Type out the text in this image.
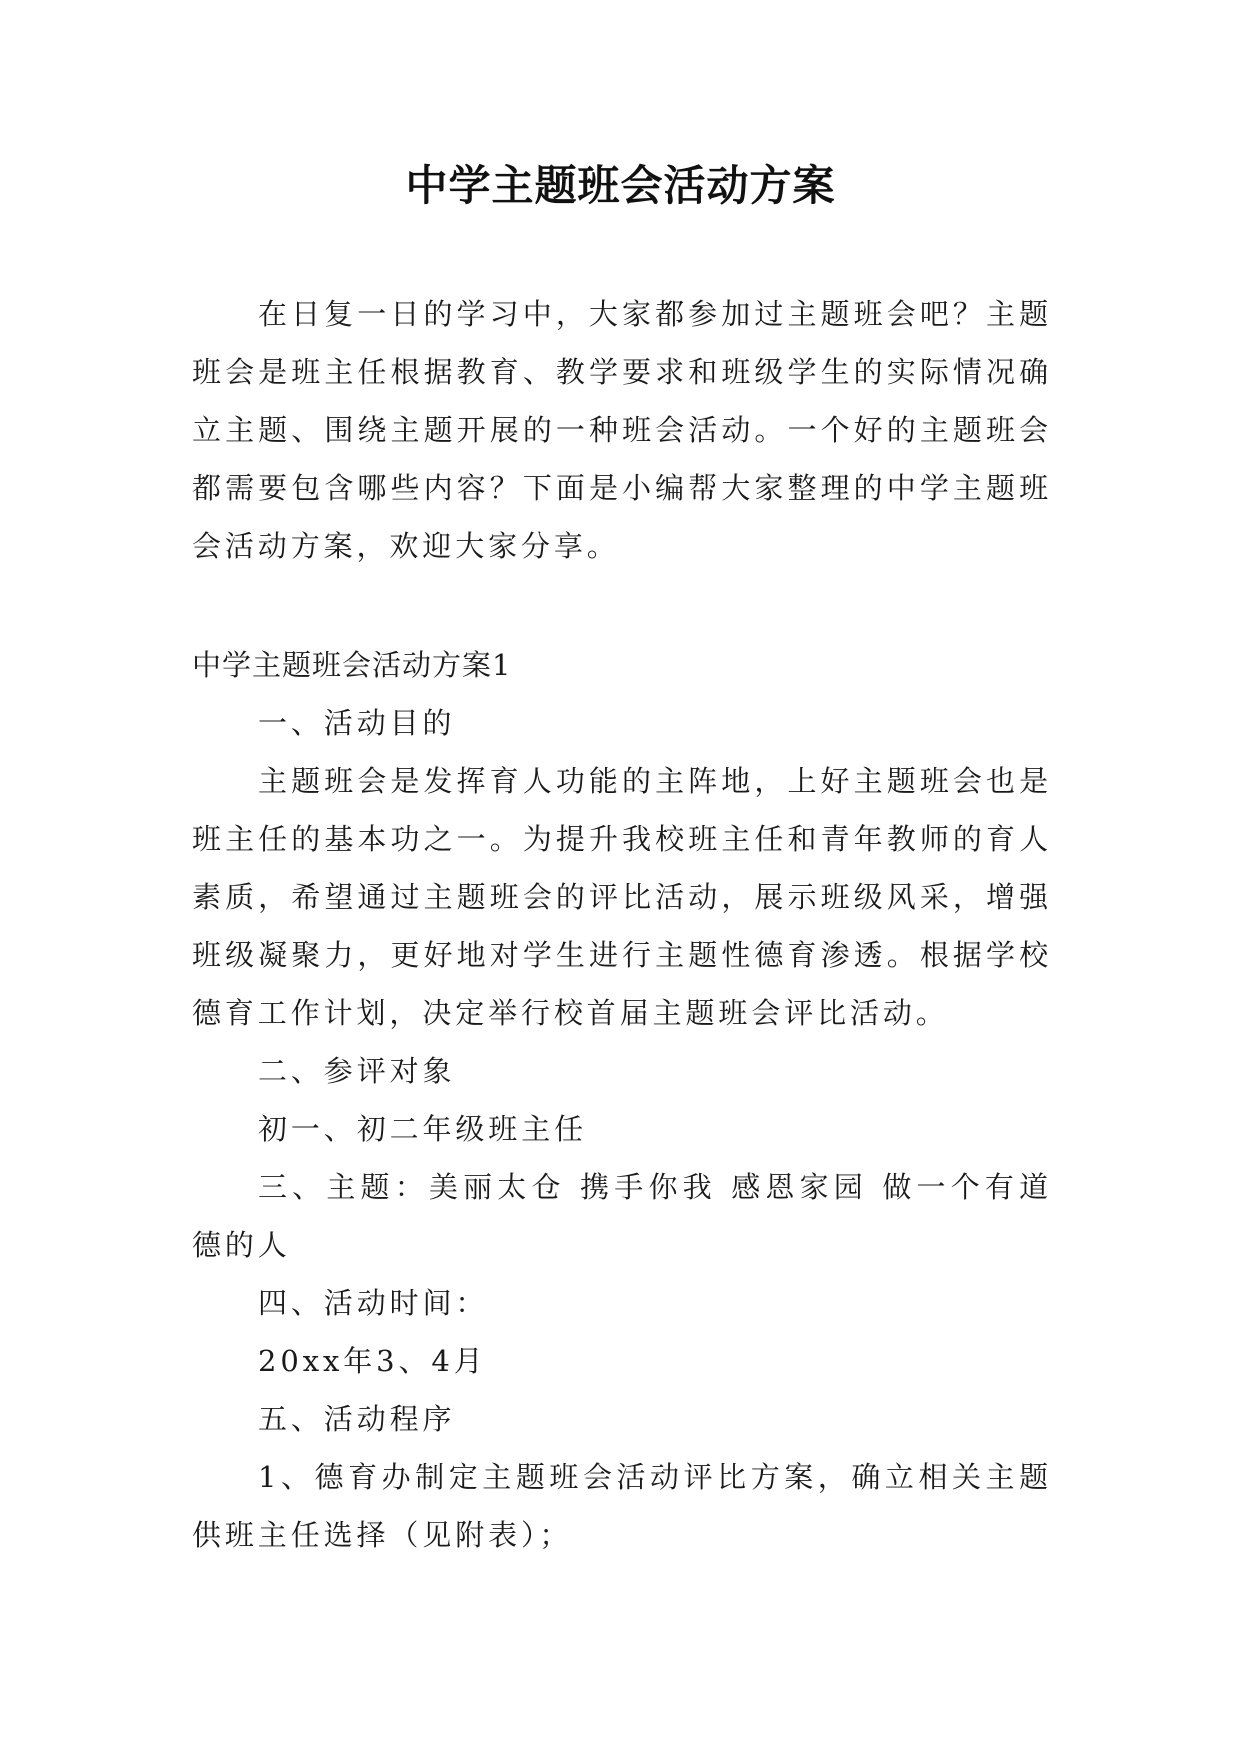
中学主题班会活动方案

在日复一日的学习中，大家都参加过主题班会吧？主题班会是班主任根据教育、教学要求和班级学生的实际情况确立主题、围绕主题开展的一种班会活动。一个好的主题班会都需要包含哪些内容？下面是小编帮大家整理的中学主题班会活动方案，欢迎大家分享。

中学主题班会活动方案1

一、活动目的

主题班会是发挥育人功能的主阵地，上好主题班会也是班主任的基本功之一。为提升我校班主任和青年教师的育人素质，希望通过主题班会的评比活动，展示班级风采，增强班级凝聚力，更好地对学生进行主题性德育渗透。根据学校德育工作计划，决定举行校首届主题班会评比活动。

二、参评对象

初一、初二年级班主任

三、主题：美丽太仓 携手你我 感恩家园 做一个有道德的人

四、活动时间：

20xx年3、4月

五、活动程序

1、德育办制定主题班会活动评比方案，确立相关主题供班主任选择（见附表）；
